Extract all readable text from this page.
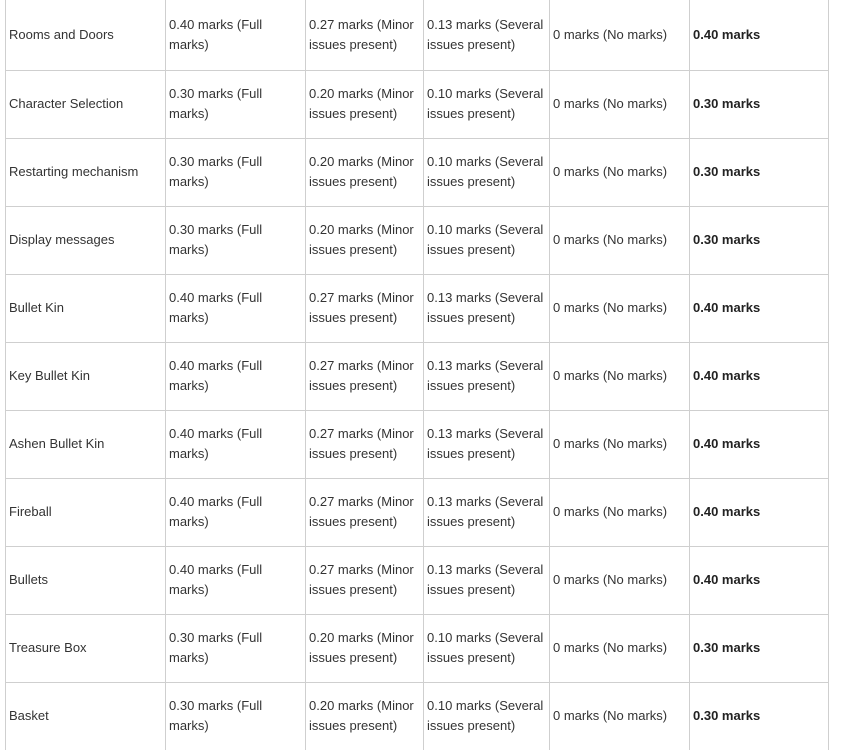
Rooms and Doors	0.40 marks (Full marks)	0.27 marks (Minor issues present)	0.13 marks (Several issues present)	0 marks (No marks)	0.40 marks

Character Selection	0.30 marks (Full marks)	0.20 marks (Minor issues present)	0.10 marks (Several issues present)	0 marks (No marks)	0.30 marks

Restarting mechanism	0.30 marks (Full marks)	0.20 marks (Minor issues present)	0.10 marks (Several issues present)	0 marks (No marks)	0.30 marks

Display messages	0.30 marks (Full marks)	0.20 marks (Minor issues present)	0.10 marks (Several issues present)	0 marks (No marks)	0.30 marks

Bullet Kin	0.40 marks (Full marks)	0.27 marks (Minor issues present)	0.13 marks (Several issues present)	0 marks (No marks)	0.40 marks

Key Bullet Kin	0.40 marks (Full marks)	0.27 marks (Minor issues present)	0.13 marks (Several issues present)	0 marks (No marks)	0.40 marks

Ashen Bullet Kin	0.40 marks (Full marks)	0.27 marks (Minor issues present)	0.13 marks (Several issues present)	0 marks (No marks)	0.40 marks

Fireball	0.40 marks (Full marks)	0.27 marks (Minor issues present)	0.13 marks (Several issues present)	0 marks (No marks)	0.40 marks

Bullets	0.40 marks (Full marks)	0.27 marks (Minor issues present)	0.13 marks (Several issues present)	0 marks (No marks)	0.40 marks

Treasure Box	0.30 marks (Full marks)	0.20 marks (Minor issues present)	0.10 marks (Several issues present)	0 marks (No marks)	0.30 marks

Basket	0.30 marks (Full marks)	0.20 marks (Minor issues present)	0.10 marks (Several issues present)	0 marks (No marks)	0.30 marks
